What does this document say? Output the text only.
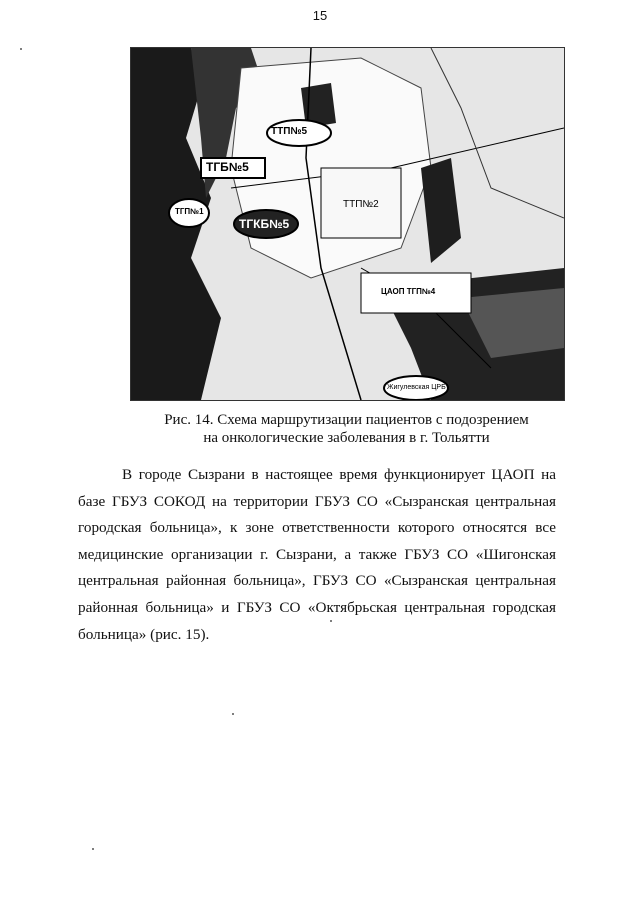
15
ТТП№5
ТГБ№5
ТГП№1
ТГКБ№5
ТТП№2
ЦАОП ТГП№4
Жигулевская ЦРБ
Рис. 14. Схема маршрутизации пациентов с подозрением
на онкологические заболевания в г. Тольятти

В городе Сызрани в настоящее время функционирует ЦАОП на базе ГБУЗ СОКОД на территории ГБУЗ СО «Сызранская центральная городская больница», к зоне ответственности которого относятся все медицинские организации г. Сызрани, а также ГБУЗ СО «Шигонская центральная районная больница», ГБУЗ СО «Сызранская центральная районная больница» и ГБУЗ СО «Октябрьская центральная городская больница» (рис. 15).
